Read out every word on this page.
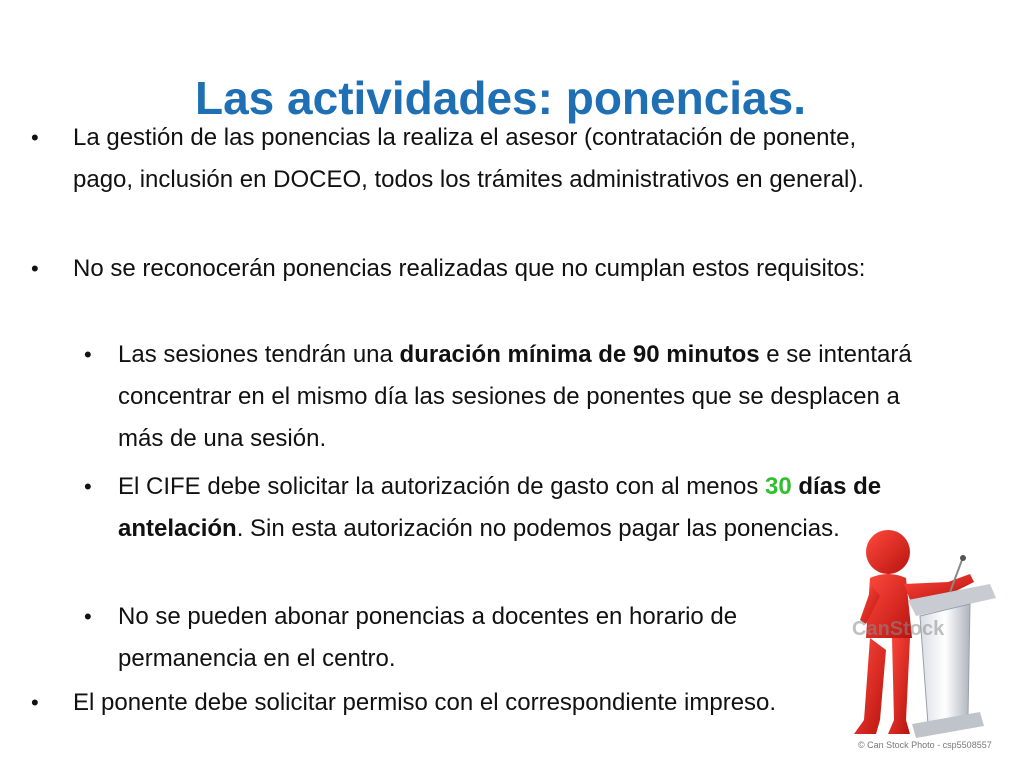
Las actividades: ponencias.
• La gestión de las ponencias la realiza el asesor (contratación de ponente, pago, inclusión en DOCEO, todos los trámites administrativos en general).
• No se reconocerán ponencias realizadas que no cumplan estos requisitos:
• Las sesiones tendrán una duración mínima de 90 minutos e se intentará concentrar en el mismo día las sesiones de ponentes que se desplacen a más de una sesión.
• El CIFE debe solicitar la autorización de gasto con al menos 30 días de antelación. Sin esta autorización no podemos pagar las ponencias.
• No se pueden abonar ponencias a docentes en horario de permanencia en el centro.
• El ponente debe solicitar permiso con el correspondiente impreso.
CanStock
© Can Stock Photo - csp5508557
